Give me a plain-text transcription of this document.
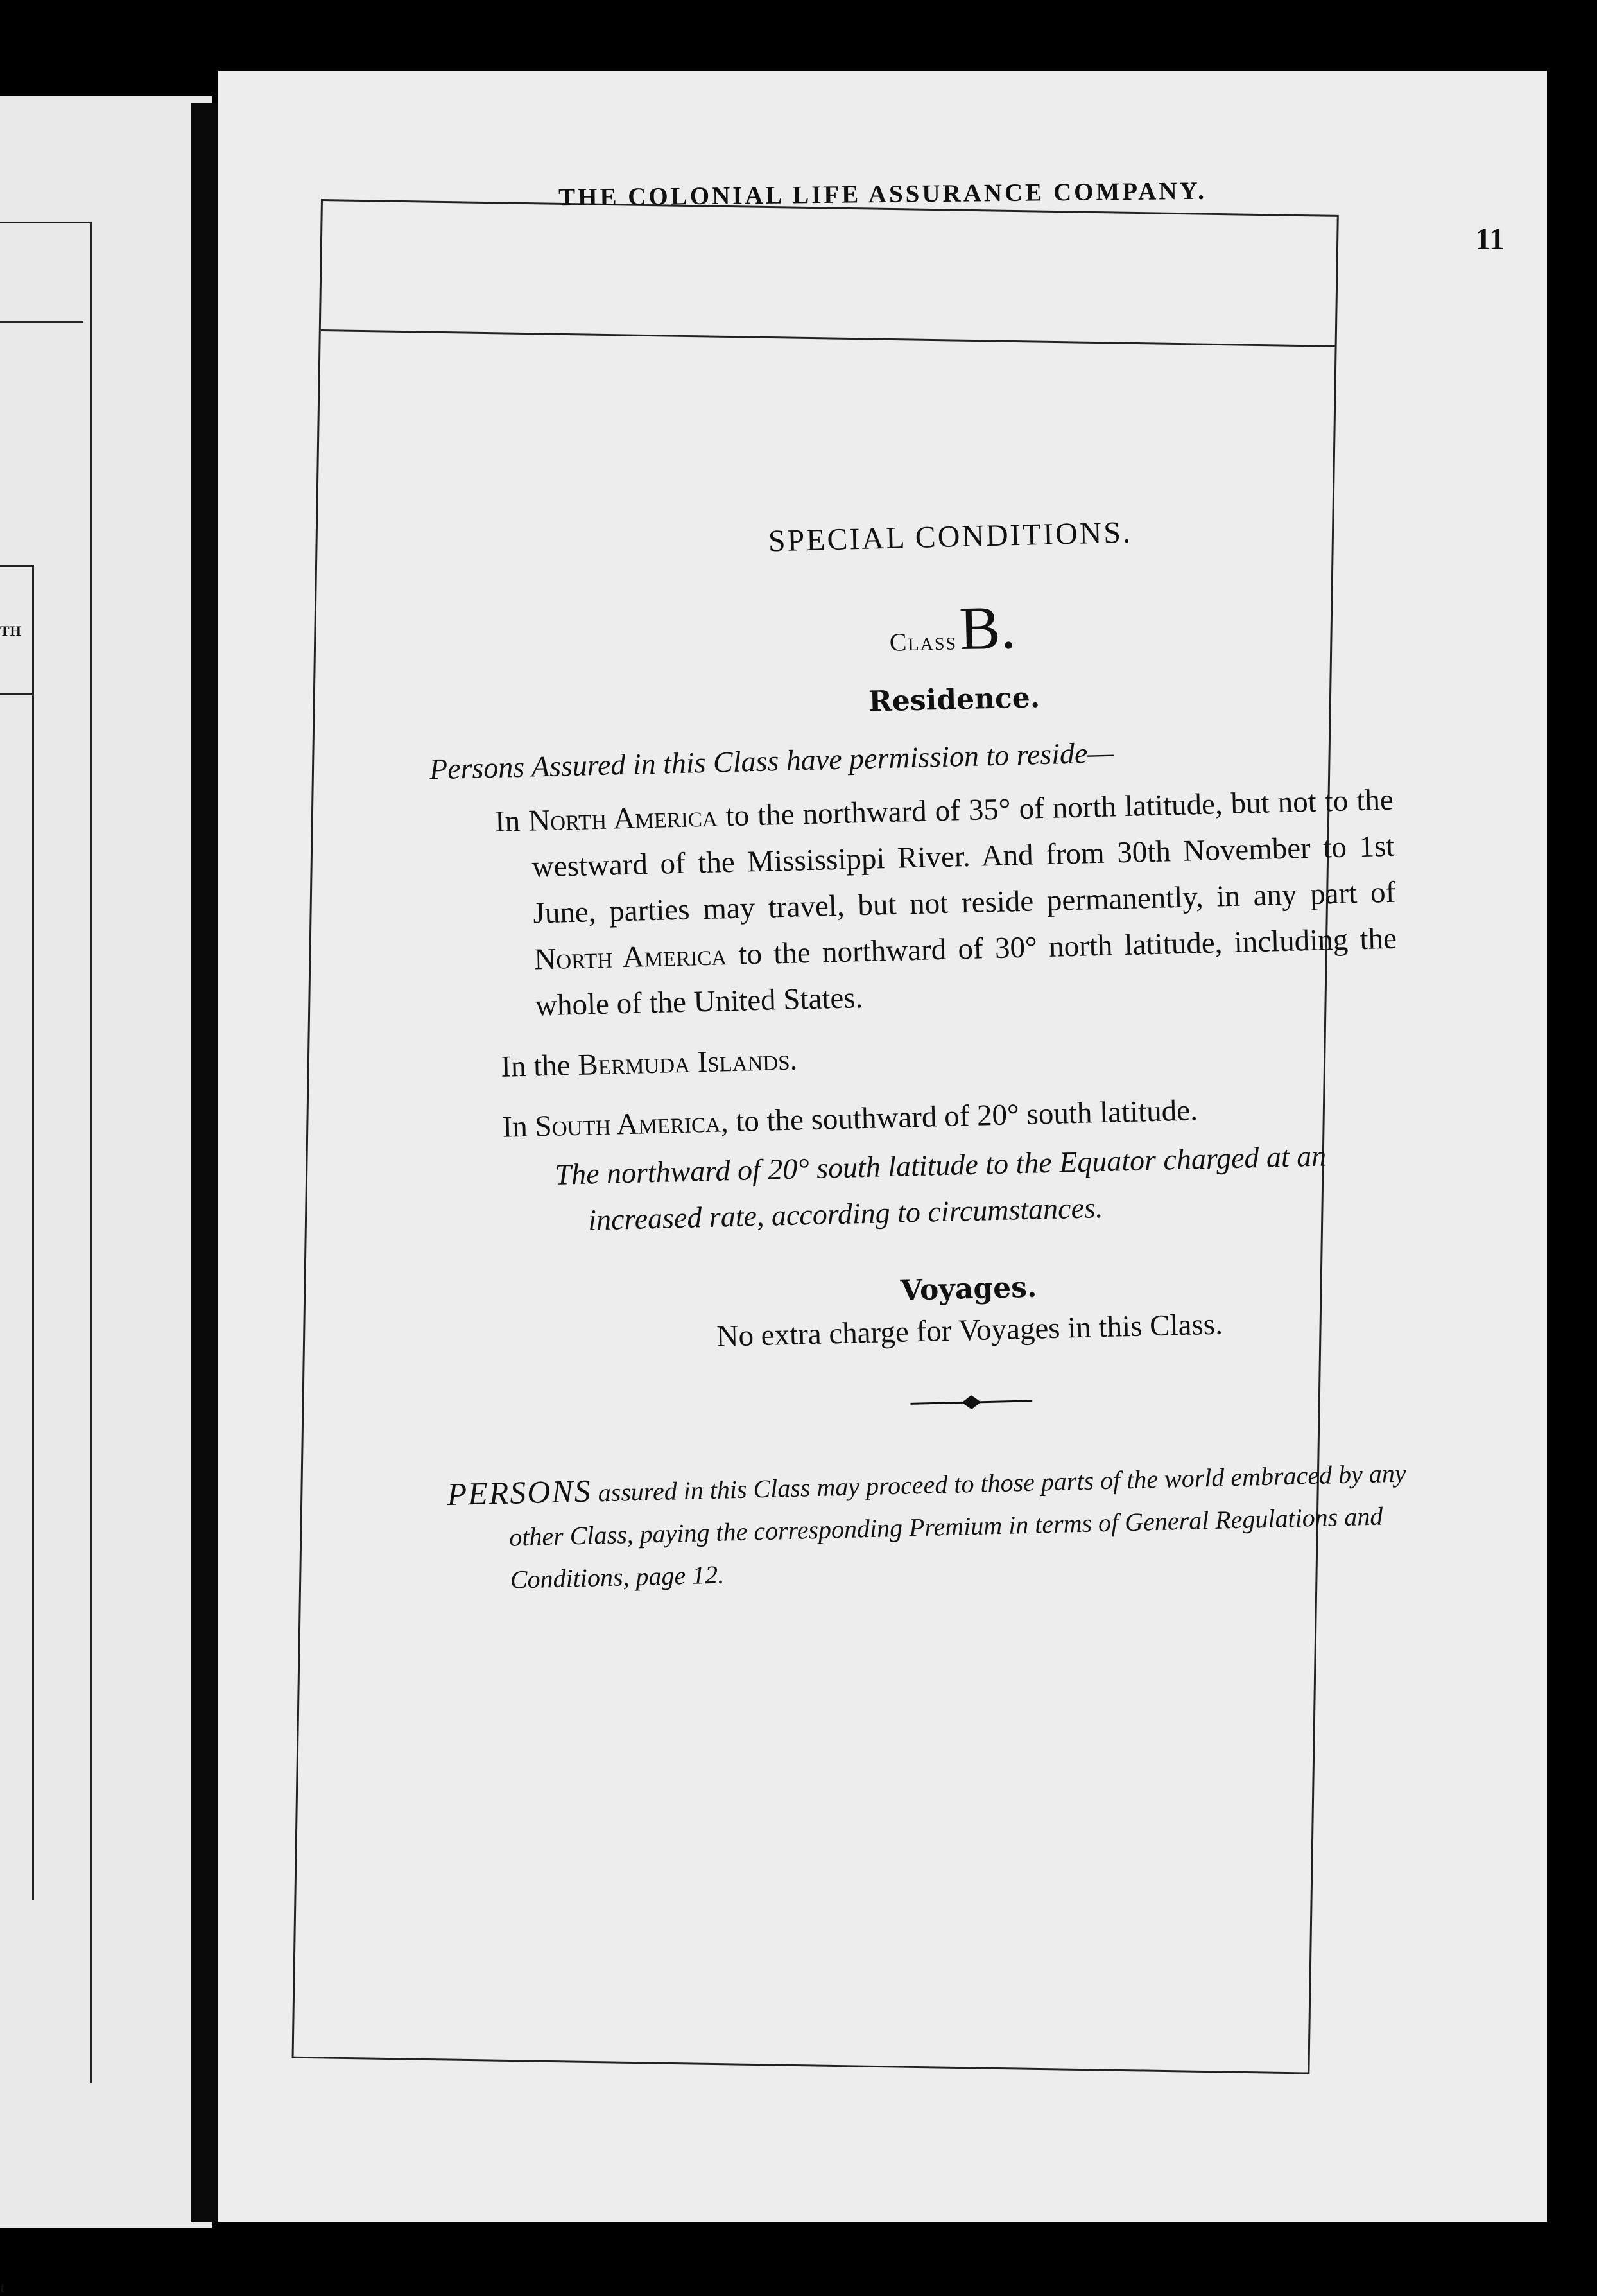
TH
t
THE COLONIAL LIFE ASSURANCE COMPANY.
11
SPECIAL CONDITIONS.
Class B.
Residence.
Persons Assured in this Class have permission to reside—
In North America to the northward of 35° of north latitude, but not to the westward of the Mississippi River. And from 30th November to 1st June, parties may travel, but not reside permanently, in any part of North America to the northward of 30° north latitude, including the whole of the United States.
In the Bermuda Islands.
In South America, to the southward of 20° south latitude.
The northward of 20° south latitude to the Equator charged at an increased rate, according to circumstances.
Voyages.
No extra charge for Voyages in this Class.
PERSONS assured in this Class may proceed to those parts of the world embraced by any other Class, paying the corresponding Premium in terms of General Regulations and Conditions, page 12.
